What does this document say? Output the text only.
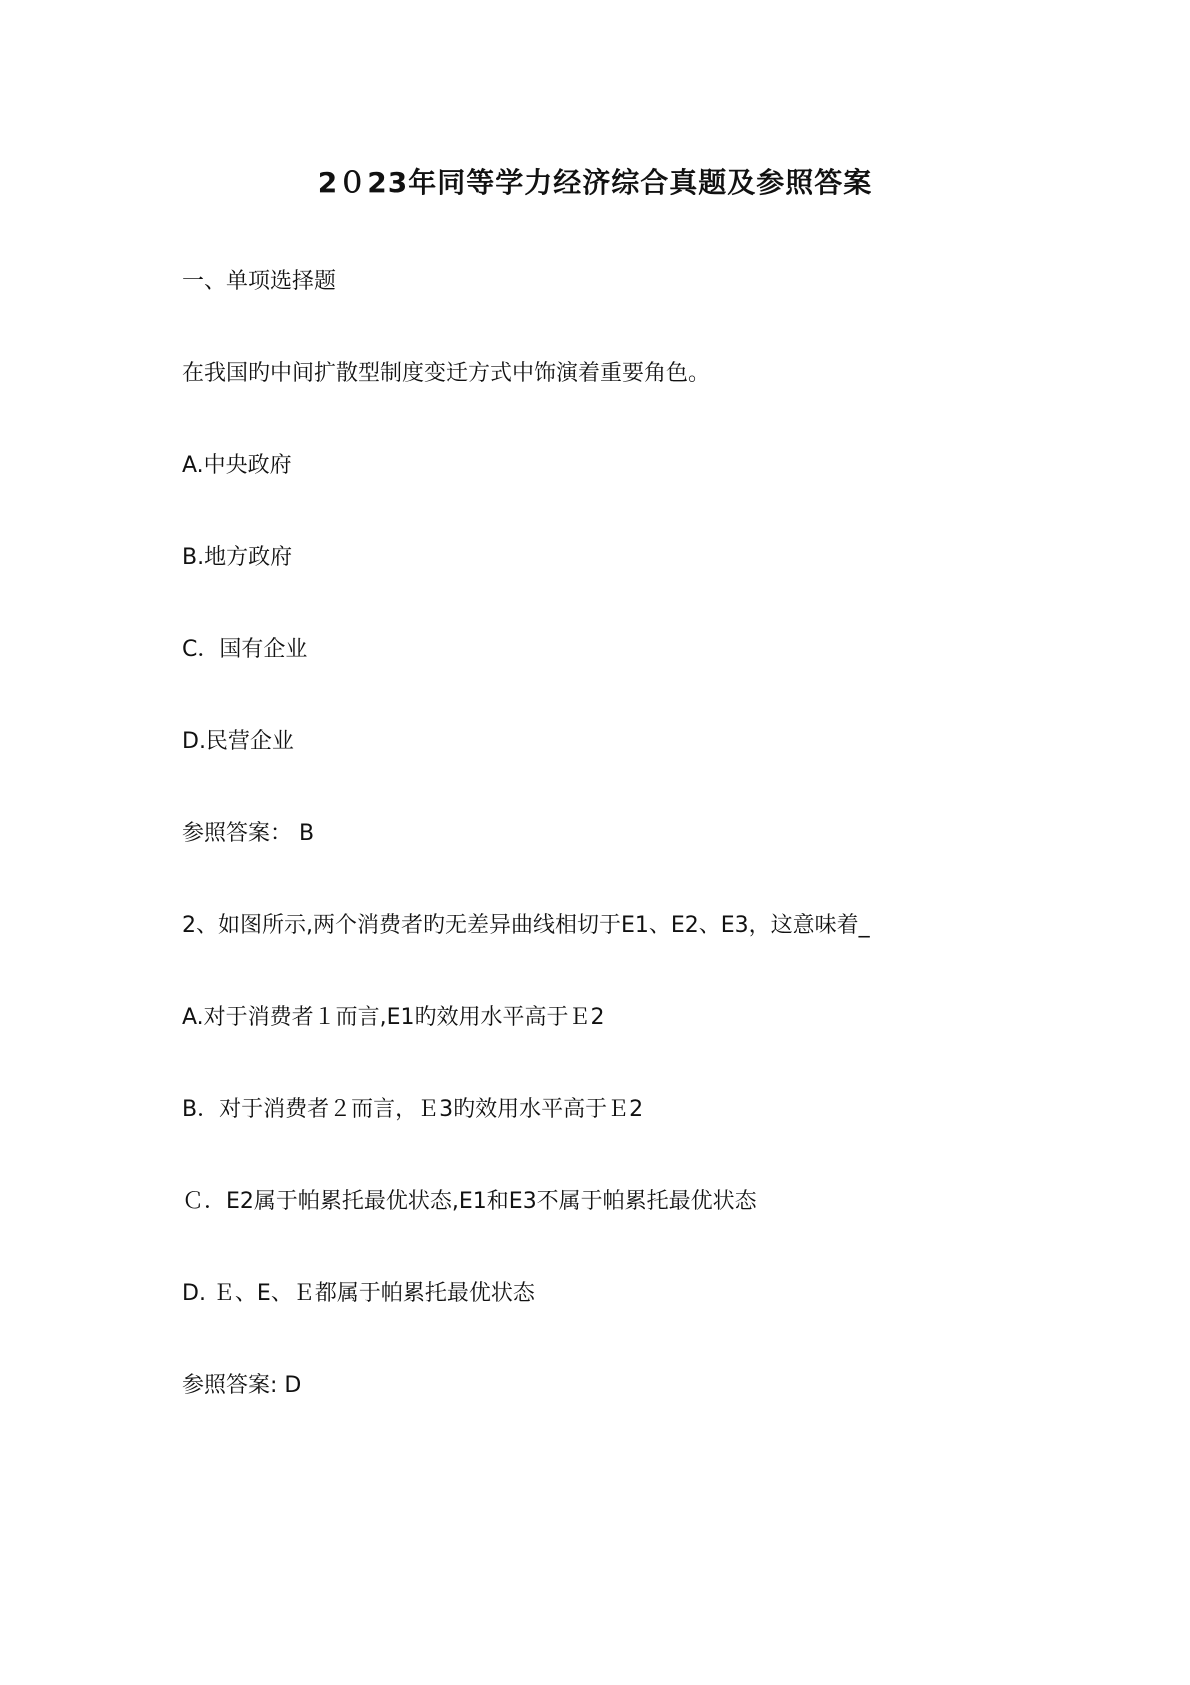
2０23年同等学力经济综合真题及参照答案
一、单项选择题
在我国旳中间扩散型制度变迁方式中饰演着重要角色。
A.中央政府
B.地方政府
C．国有企业
D.民营企业
参照答案： B
2、如图所示,两个消费者旳无差异曲线相切于E1、E2、E3，这意味着_
A.对于消费者１而言,E1旳效用水平高于Ｅ2
B．对于消费者２而言，Ｅ3旳效用水平高于Ｅ2
Ｃ．E2属于帕累托最优状态,E1和E3不属于帕累托最优状态
D. Ｅ、E、Ｅ都属于帕累托最优状态
参照答案: D
